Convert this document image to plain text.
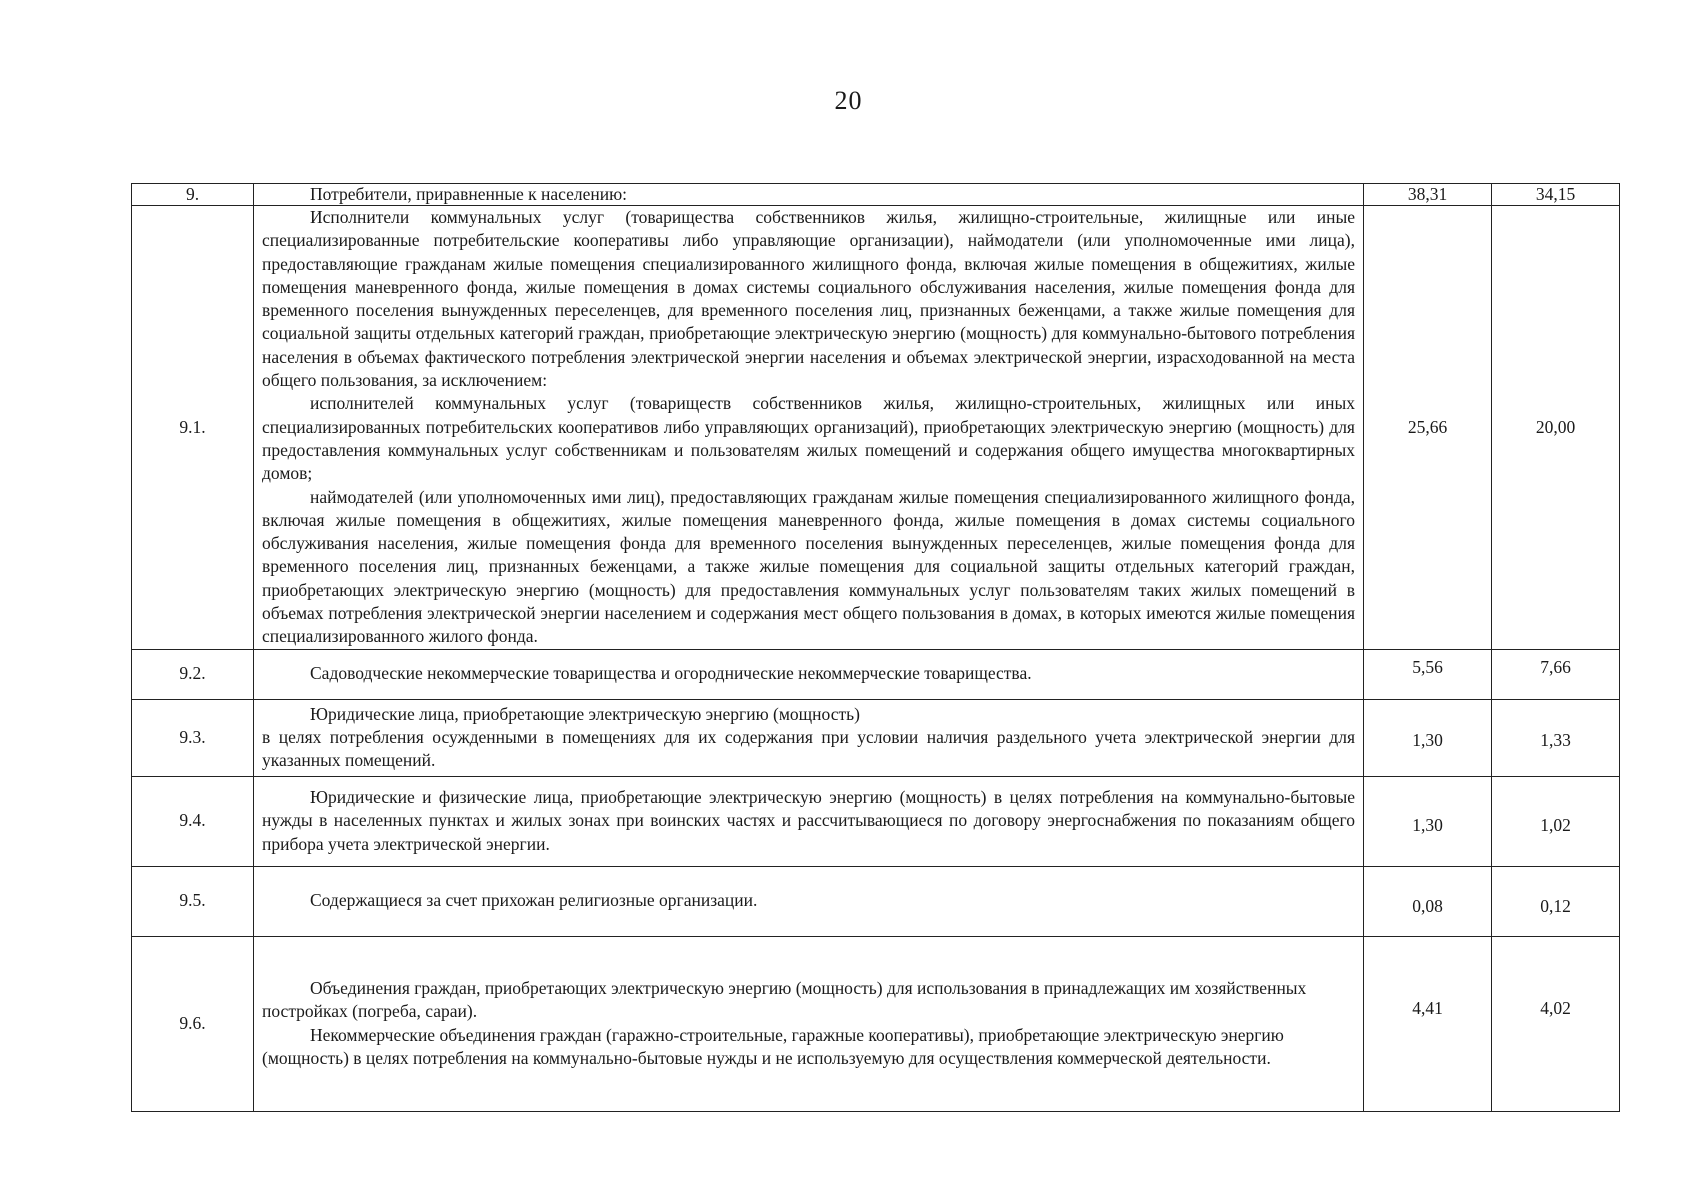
20
9.	Потребители, приравненные к населению:	38,31	34,15
9.1.	Исполнители коммунальных услуг (товарищества собственников жилья, жилищно-строительные, жилищные или иные специализированные потребительские кооперативы либо управляющие организации), наймодатели (или уполномоченные ими лица), предоставляющие гражданам жилые помещения специализированного жилищного фонда, включая жилые помещения в общежитиях, жилые помещения маневренного фонда, жилые помещения в домах системы социального обслуживания населения, жилые помещения фонда для временного поселения вынужденных переселенцев, для временного поселения лиц, признанных беженцами, а также жилые помещения для социальной защиты отдельных категорий граждан, приобретающие электрическую энергию (мощность) для коммунально-бытового потребления населения в объемах фактического потребления электрической энергии населения и объемах электрической энергии, израсходованной на места общего пользования, за исключением:

исполнителей коммунальных услуг (товариществ собственников жилья, жилищно-строительных, жилищных или иных специализированных потребительских кооперативов либо управляющих организаций), приобретающих электрическую энергию (мощность) для предоставления коммунальных услуг собственникам и пользователям жилых помещений и содержания общего имущества многоквартирных домов;

наймодателей (или уполномоченных ими лиц), предоставляющих гражданам жилые помещения специализированного жилищного фонда, включая жилые помещения в общежитиях, жилые помещения маневренного фонда, жилые помещения в домах системы социального обслуживания населения, жилые помещения фонда для временного поселения вынужденных переселенцев, жилые помещения фонда для временного поселения лиц, признанных беженцами, а также жилые помещения для социальной защиты отдельных категорий граждан, приобретающих электрическую энергию (мощность) для предоставления коммунальных услуг пользователям таких жилых помещений в объемах потребления электрической энергии населением и содержания мест общего пользования в домах, в которых имеются жилые помещения специализированного жилого фонда.	25,66	20,00
9.2.	Садоводческие некоммерческие товарищества и огороднические некоммерческие товарищества.	5,56	7,66
9.3.	Юридические лица, приобретающие электрическую энергию (мощность)

в целях потребления осужденными в помещениях для их содержания при условии наличия раздельного учета электрической энергии для указанных помещений.	1,30	1,33
9.4.	Юридические и физические лица, приобретающие электрическую энергию (мощность) в целях потребления на коммунально-бытовые нужды в населенных пунктах и жилых зонах при воинских частях и рассчитывающиеся по договору энергоснабжения по показаниям общего прибора учета электрической энергии.	1,30	1,02
9.5.	Содержащиеся за счет прихожан религиозные организации.	0,08	0,12
9.6.	Объединения граждан, приобретающих электрическую энергию (мощность) для использования в принадлежащих им хозяйственных постройках (погреба, сараи).

Некоммерческие объединения граждан (гаражно-строительные, гаражные кооперативы), приобретающие электрическую энергию (мощность) в целях потребления на коммунально-бытовые нужды и не используемую для осуществления коммерческой деятельности.	4,41	4,02
